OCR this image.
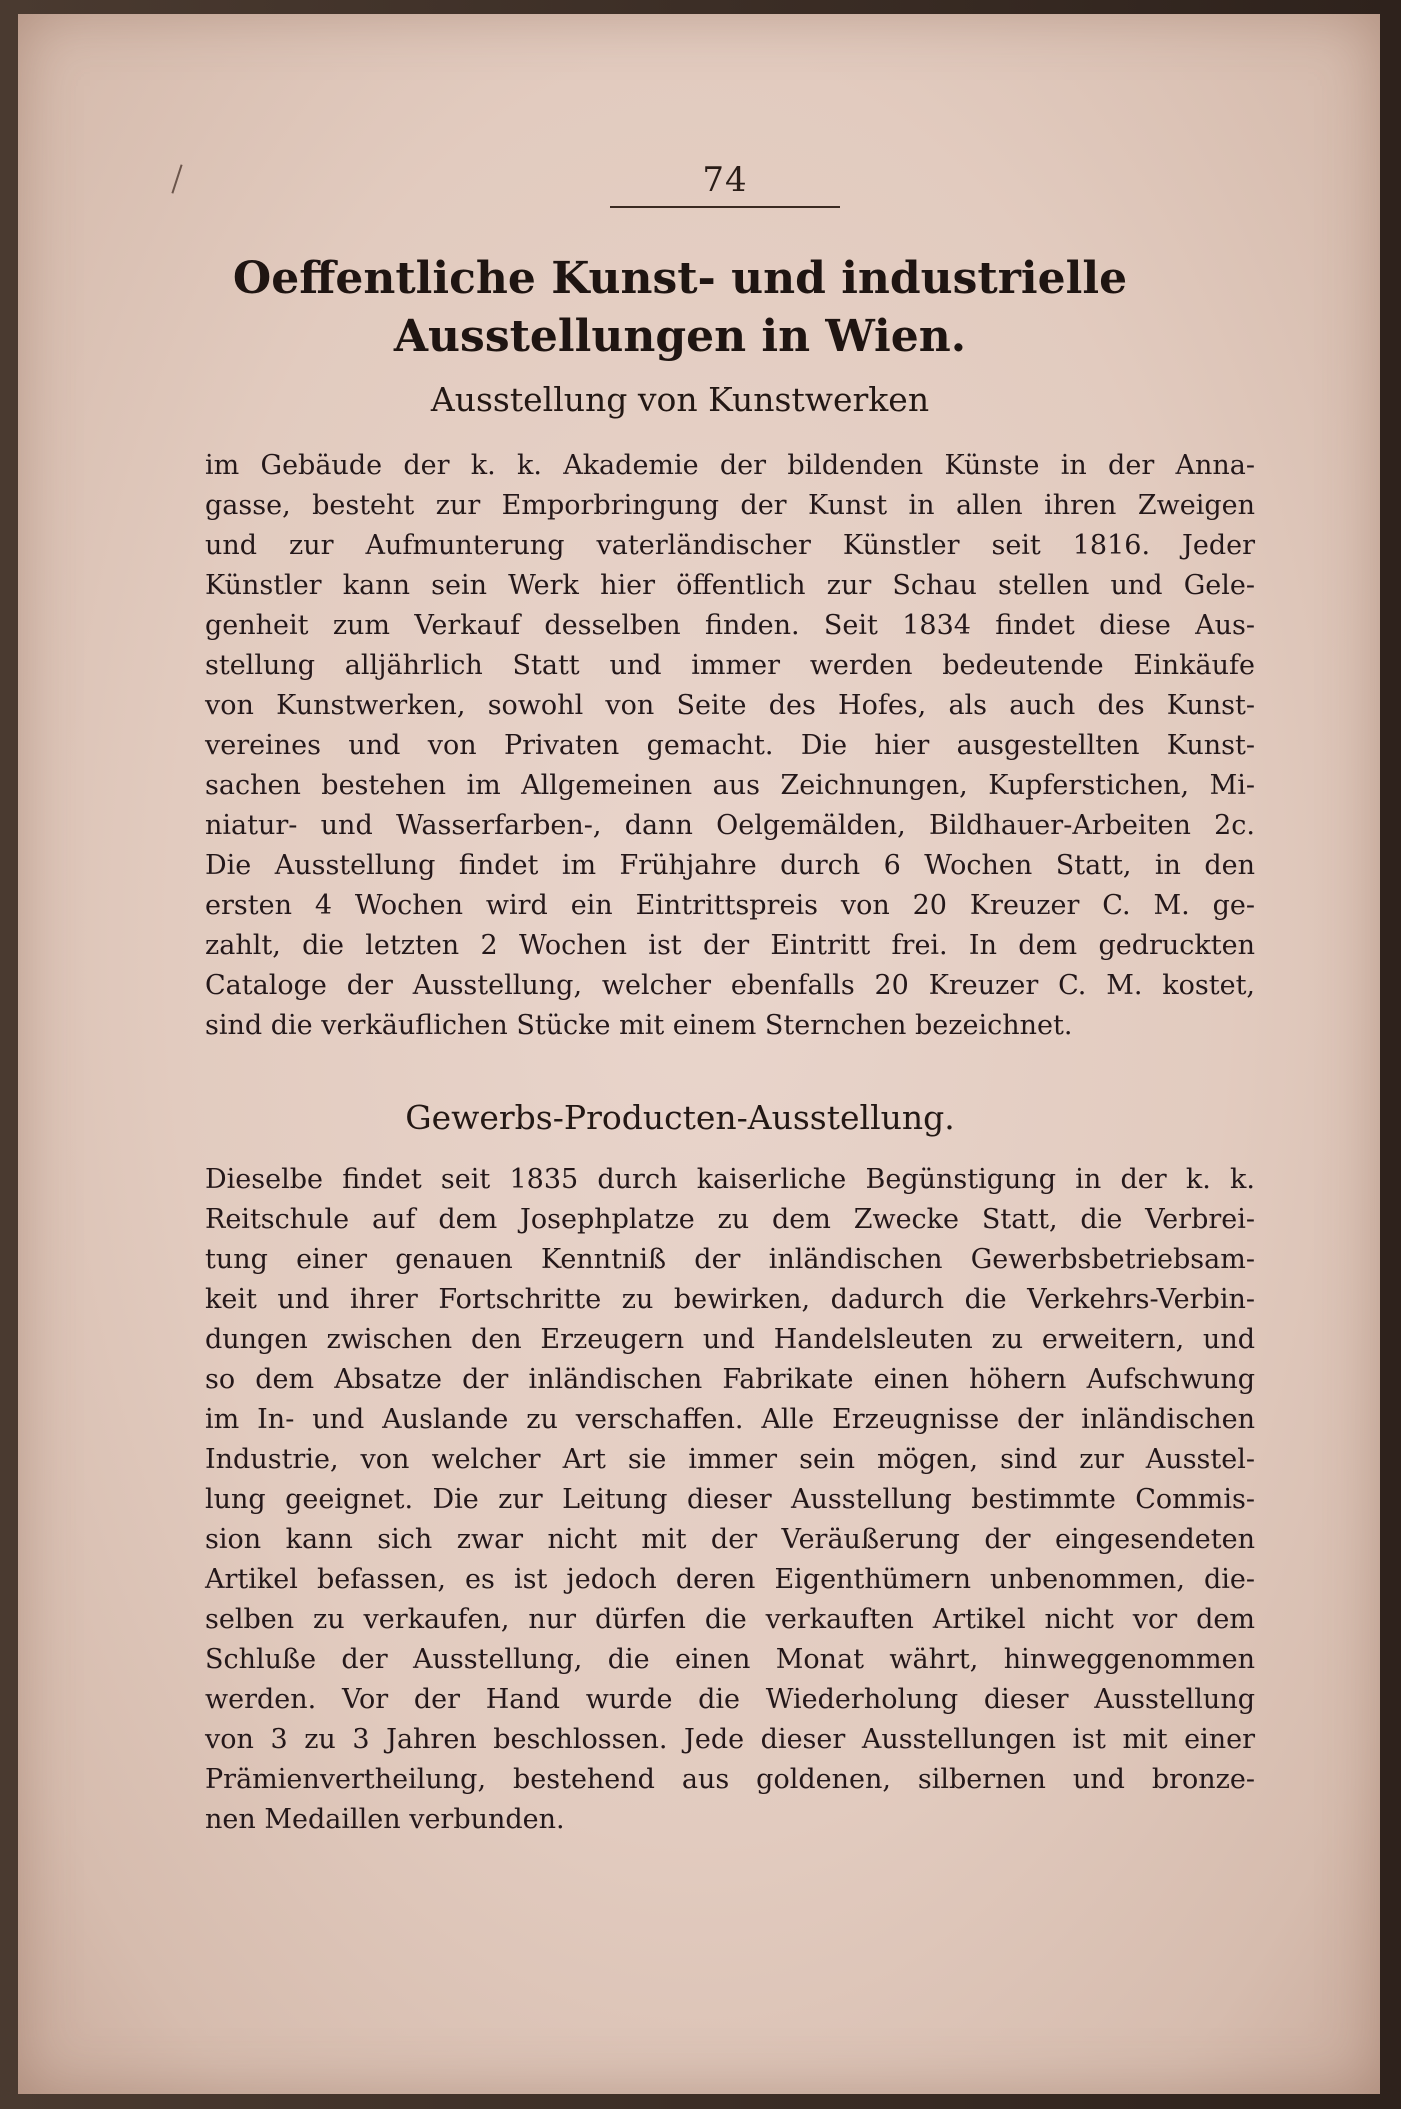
74
Oeffentliche Kunst- und industrielle
Ausstellungen in Wien.
Ausstellung von Kunstwerken
im Gebäude der k. k. Akademie der bildenden Künste in der Anna-
gasse, besteht zur Emporbringung der Kunst in allen ihren Zweigen
und zur Aufmunterung vaterländischer Künstler seit 1816. Jeder
Künstler kann sein Werk hier öffentlich zur Schau stellen und Gele-
genheit zum Verkauf desselben finden. Seit 1834 findet diese Aus-
stellung alljährlich Statt und immer werden bedeutende Einkäufe
von Kunstwerken, sowohl von Seite des Hofes, als auch des Kunst-
vereines und von Privaten gemacht. Die hier ausgestellten Kunst-
sachen bestehen im Allgemeinen aus Zeichnungen, Kupferstichen, Mi-
niatur- und Wasserfarben-, dann Oelgemälden, Bildhauer-Arbeiten 2c.
Die Ausstellung findet im Frühjahre durch 6 Wochen Statt, in den
ersten 4 Wochen wird ein Eintrittspreis von 20 Kreuzer C. M. ge-
zahlt, die letzten 2 Wochen ist der Eintritt frei. In dem gedruckten
Cataloge der Ausstellung, welcher ebenfalls 20 Kreuzer C. M. kostet,
sind die verkäuflichen Stücke mit einem Sternchen bezeichnet.
Gewerbs-Producten-Ausstellung.
Dieselbe findet seit 1835 durch kaiserliche Begünstigung in der k. k.
Reitschule auf dem Josephplatze zu dem Zwecke Statt, die Verbrei-
tung einer genauen Kenntniß der inländischen Gewerbsbetriebsam-
keit und ihrer Fortschritte zu bewirken, dadurch die Verkehrs-Verbin-
dungen zwischen den Erzeugern und Handelsleuten zu erweitern, und
so dem Absatze der inländischen Fabrikate einen höhern Aufschwung
im In- und Auslande zu verschaffen. Alle Erzeugnisse der inländischen
Industrie, von welcher Art sie immer sein mögen, sind zur Ausstel-
lung geeignet. Die zur Leitung dieser Ausstellung bestimmte Commis-
sion kann sich zwar nicht mit der Veräußerung der eingesendeten
Artikel befassen, es ist jedoch deren Eigenthümern unbenommen, die-
selben zu verkaufen, nur dürfen die verkauften Artikel nicht vor dem
Schluße der Ausstellung, die einen Monat währt, hinweggenommen
werden. Vor der Hand wurde die Wiederholung dieser Ausstellung
von 3 zu 3 Jahren beschlossen. Jede dieser Ausstellungen ist mit einer
Prämienvertheilung, bestehend aus goldenen, silbernen und bronze-
nen Medaillen verbunden.
